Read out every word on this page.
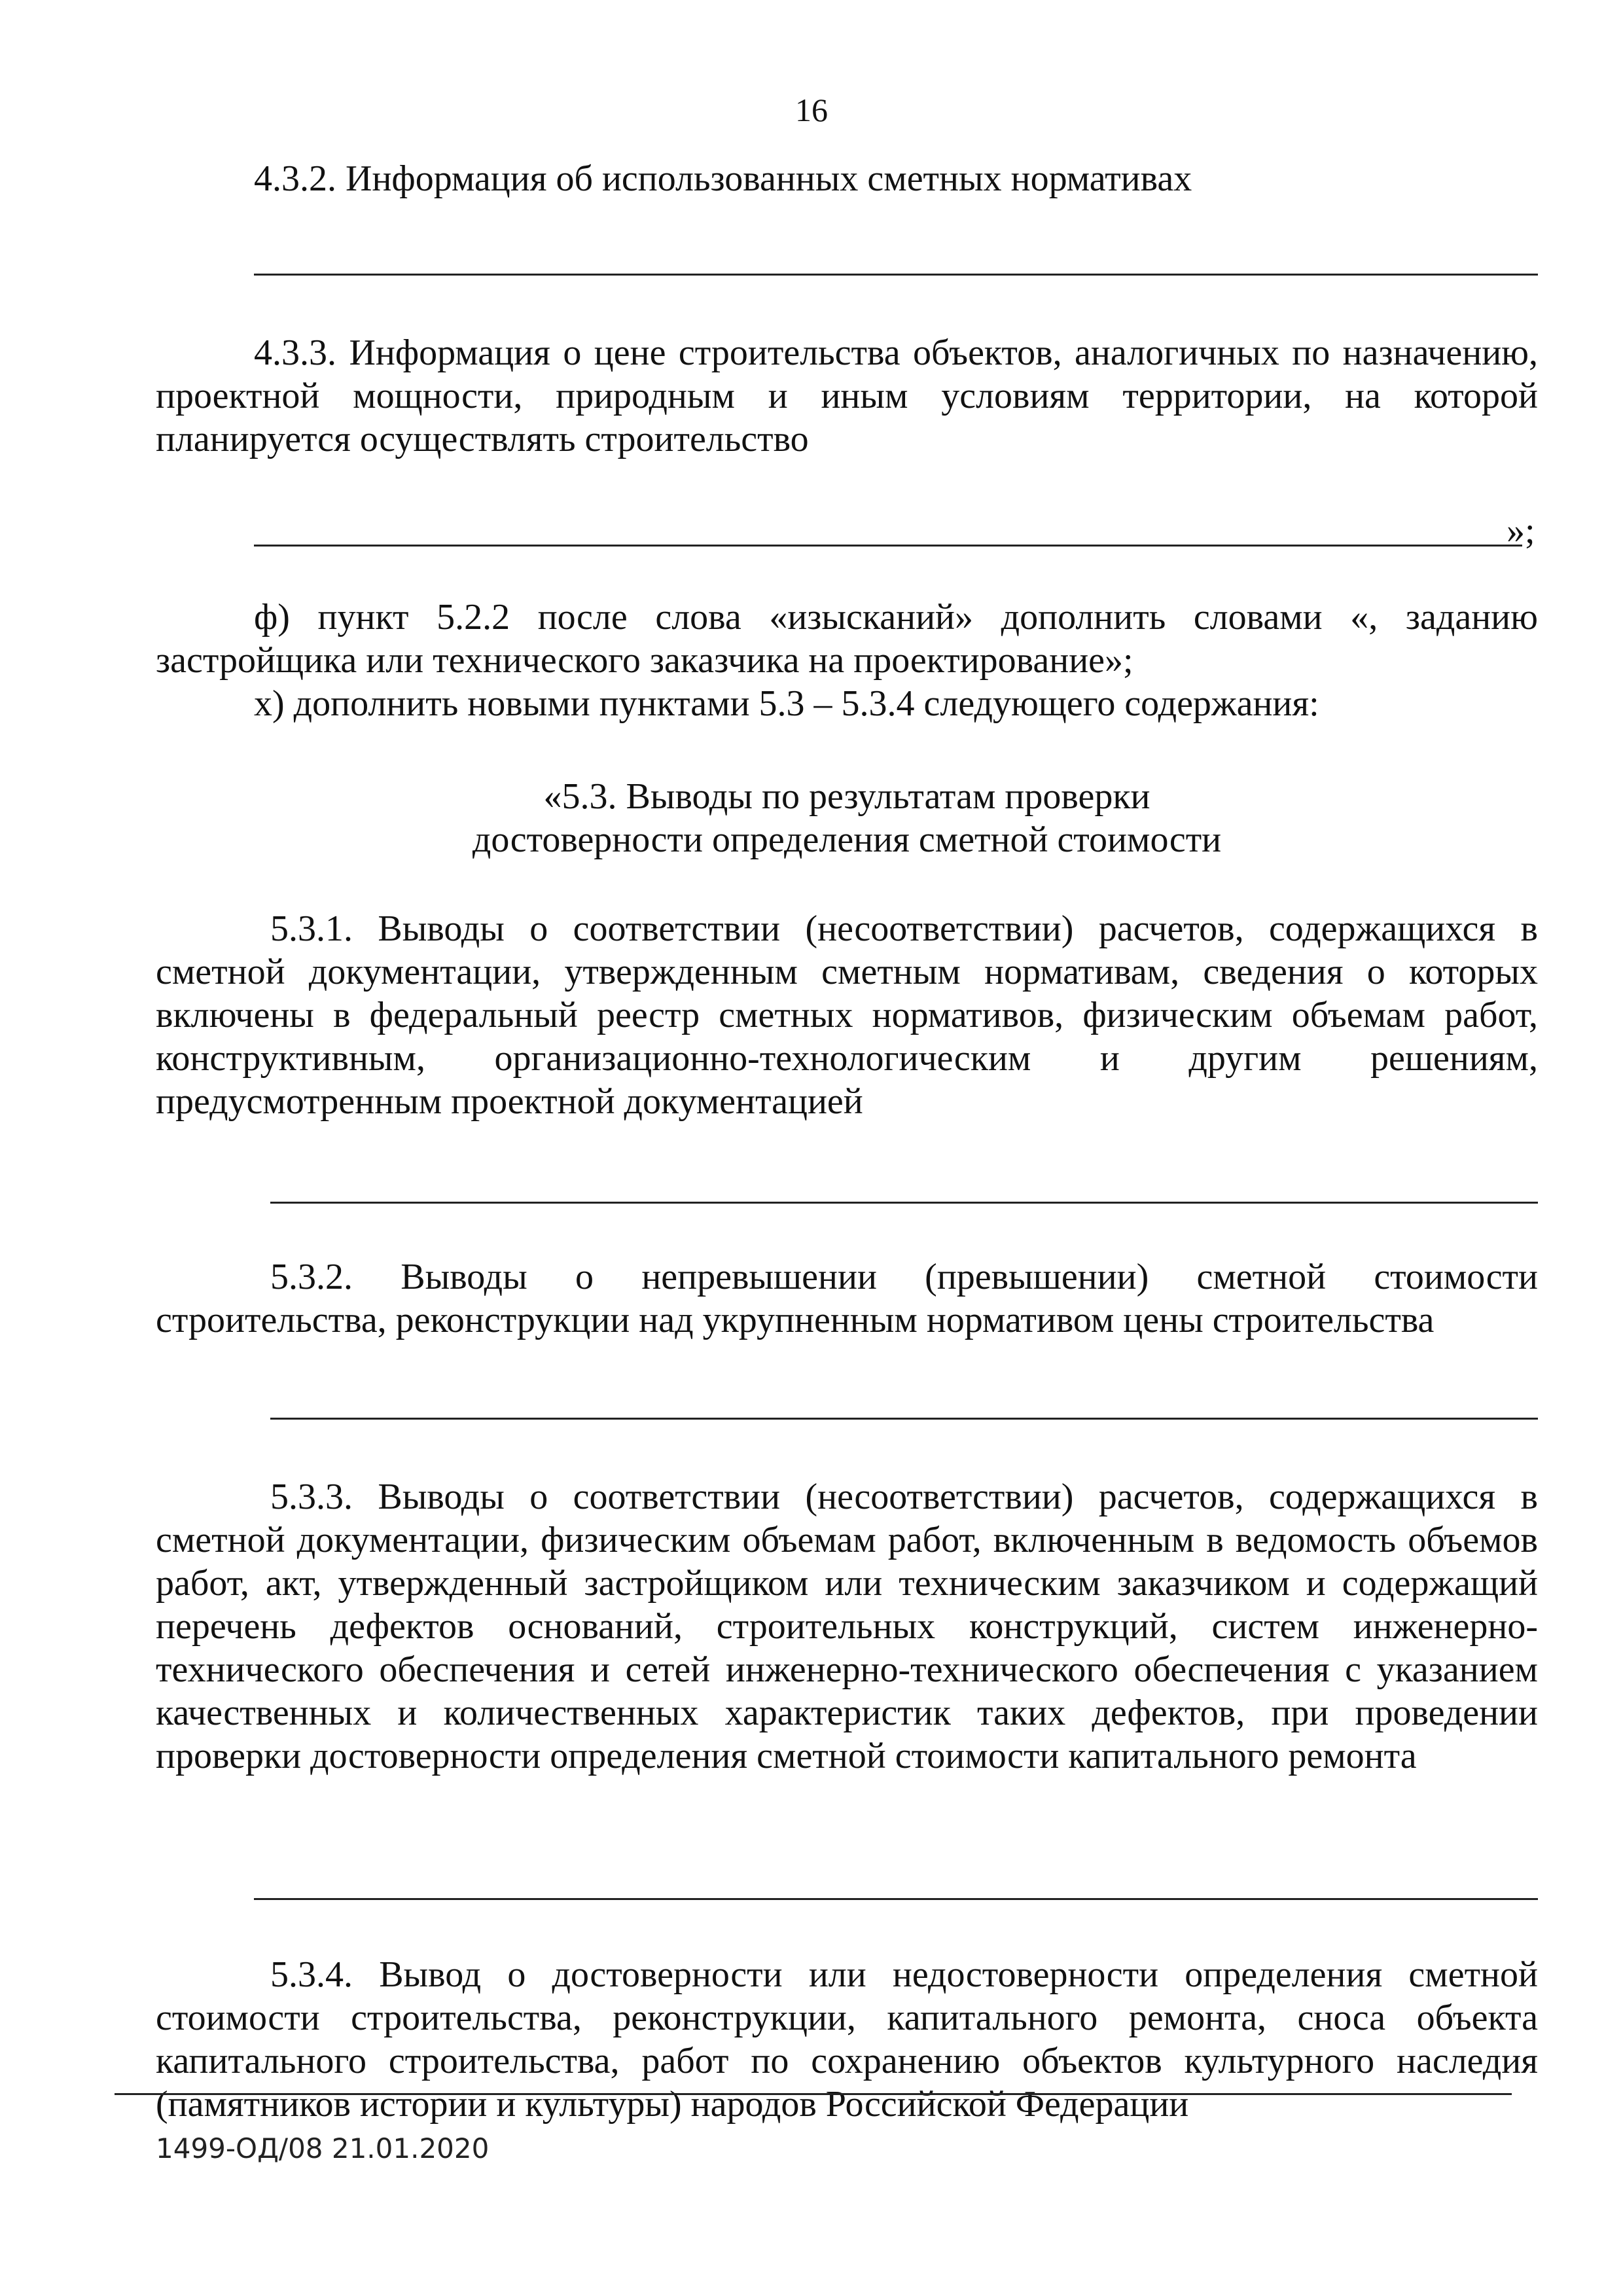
16

4.3.2. Информация об использованных сметных нормативах

4.3.3. Информация о цене строительства объектов, аналогичных по назначению, проектной мощности, природным и иным условиям территории, на которой планируется осуществлять строительство

»;

ф) пункт 5.2.2 после слова «изысканий» дополнить словами «, заданию застройщика или технического заказчика на проектирование»;

х) дополнить новыми пунктами 5.3 – 5.3.4 следующего содержания:

«5.3. Выводы по результатам проверки

достоверности определения сметной стоимости

5.3.1. Выводы о соответствии (несоответствии) расчетов, содержащихся в сметной документации, утвержденным сметным нормативам, сведения о которых включены в федеральный реестр сметных нормативов, физическим объемам работ, конструктивным, организационно-технологическим и другим решениям, предусмотренным проектной документацией

5.3.2. Выводы о непревышении (превышении) сметной стоимости строительства, реконструкции над укрупненным нормативом цены строительства

5.3.3. Выводы о соответствии (несоответствии) расчетов, содержащихся в сметной документации, физическим объемам работ, включенным в ведомость объемов работ, акт, утвержденный застройщиком или техническим заказчиком и содержащий перечень дефектов оснований, строительных конструкций, систем инженерно-технического обеспечения и сетей инженерно-технического обеспечения с указанием качественных и количественных характеристик таких дефектов, при проведении проверки достоверности определения сметной стоимости капитального ремонта

5.3.4. Вывод о достоверности или недостоверности определения сметной стоимости строительства, реконструкции, капитального ремонта, сноса объекта капитального строительства, работ по сохранению объектов культурного наследия (памятников истории и культуры) народов Российской Федерации

1499-ОД/08 21.01.2020
